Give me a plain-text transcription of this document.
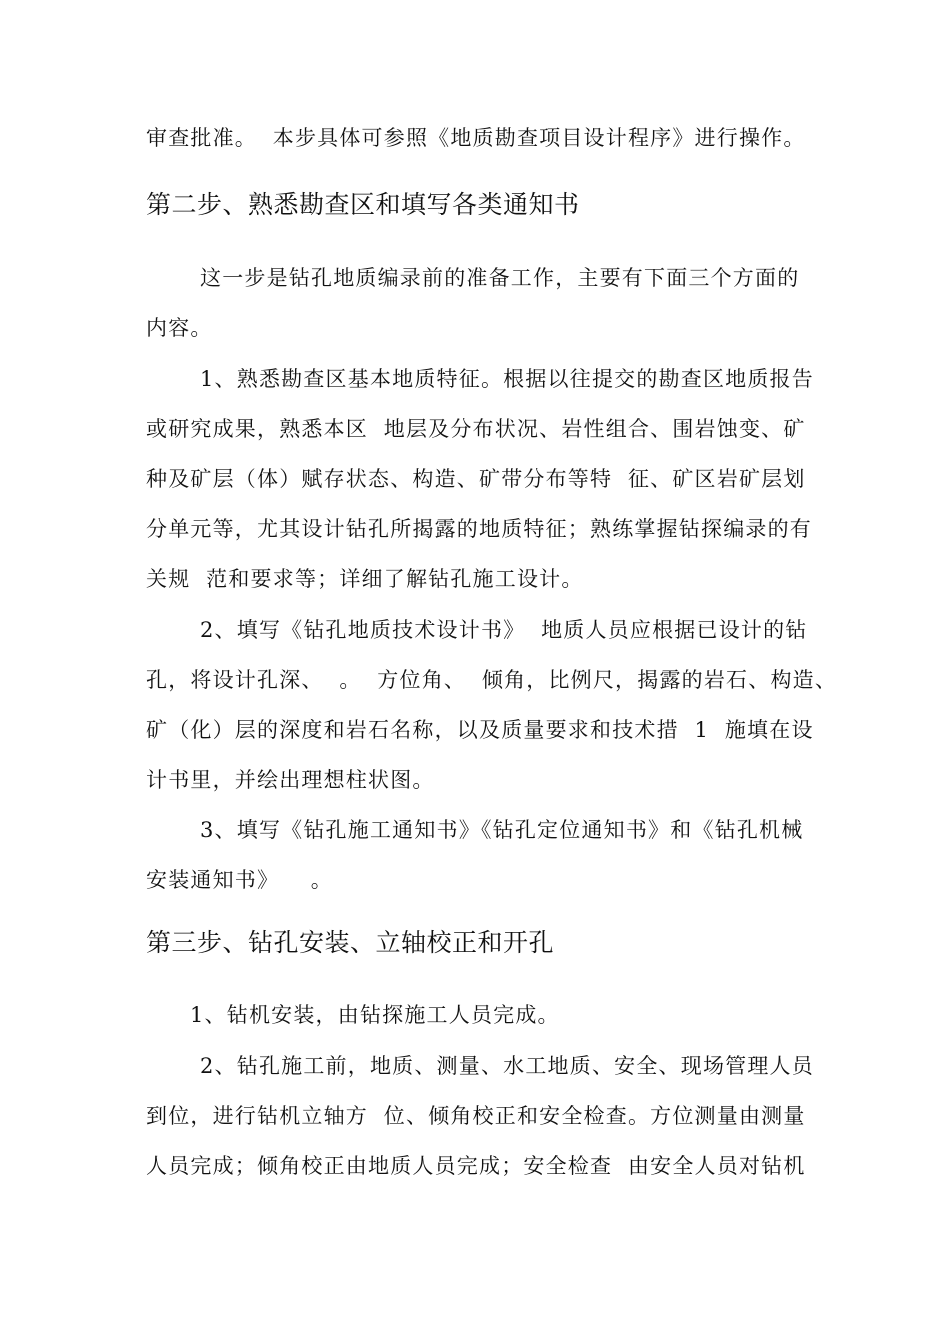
审查批准。  本步具体可参照《地质勘查项目设计程序》进行操作。
第二步、熟悉勘查区和填写各类通知书
这一步是钻孔地质编录前的准备工作，主要有下面三个方面的
内容。
1、熟悉勘查区基本地质特征。根据以往提交的勘查区地质报告
或研究成果，熟悉本区  地层及分布状况、岩性组合、围岩蚀变、矿
种及矿层（体）赋存状态、构造、矿带分布等特  征、矿区岩矿层划
分单元等，尤其设计钻孔所揭露的地质特征；熟练掌握钻探编录的有
关规  范和要求等；详细了解钻孔施工设计。
2、填写《钻孔地质技术设计书》  地质人员应根据已设计的钻
孔，将设计孔深、  。  方位角、  倾角，比例尺，揭露的岩石、构造、
矿（化）层的深度和岩石名称，以及质量要求和技术措  1  施填在设
计书里，并绘出理想柱状图。
3、填写《钻孔施工通知书》《钻孔定位通知书》和《钻孔机械
安装通知书》    。
第三步、钻孔安装、立轴校正和开孔
1、钻机安装，由钻探施工人员完成。
2、钻孔施工前，地质、测量、水工地质、安全、现场管理人员
到位，进行钻机立轴方  位、倾角校正和安全检查。方位测量由测量
人员完成；倾角校正由地质人员完成；安全检查  由安全人员对钻机
